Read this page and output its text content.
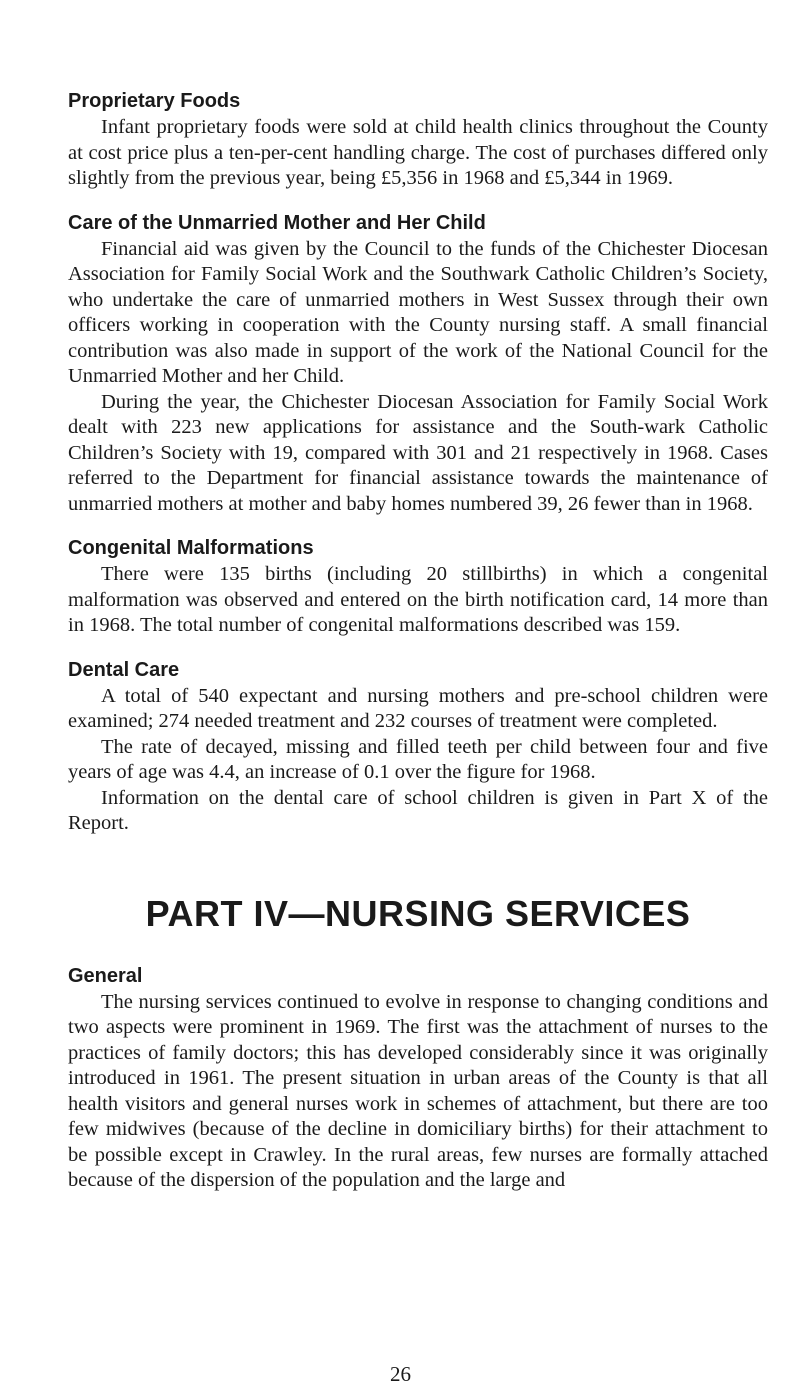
Proprietary Foods

Infant proprietary foods were sold at child health clinics throughout the County at cost price plus a ten-per-cent handling charge. The cost of purchases differed only slightly from the previous year, being £5,356 in 1968 and £5,344 in 1969.

Care of the Unmarried Mother and Her Child

Financial aid was given by the Council to the funds of the Chichester Diocesan Association for Family Social Work and the Southwark Catholic Children’s Society, who undertake the care of unmarried mothers in West Sussex through their own officers working in cooperation with the County nursing staff. A small financial contribution was also made in support of the work of the National Council for the Unmarried Mother and her Child.

During the year, the Chichester Diocesan Association for Family Social Work dealt with 223 new applications for assistance and the South-wark Catholic Children’s Society with 19, compared with 301 and 21 respectively in 1968. Cases referred to the Department for financial assistance towards the maintenance of unmarried mothers at mother and baby homes numbered 39, 26 fewer than in 1968.

Congenital Malformations

There were 135 births (including 20 stillbirths) in which a congenital malformation was observed and entered on the birth notification card, 14 more than in 1968. The total number of congenital malformations described was 159.

Dental Care

A total of 540 expectant and nursing mothers and pre-school children were examined; 274 needed treatment and 232 courses of treatment were completed.

The rate of decayed, missing and filled teeth per child between four and five years of age was 4.4, an increase of 0.1 over the figure for 1968.

Information on the dental care of school children is given in Part X of the Report.

PART IV—NURSING SERVICES
General

The nursing services continued to evolve in response to changing conditions and two aspects were prominent in 1969. The first was the attachment of nurses to the practices of family doctors; this has developed considerably since it was originally introduced in 1961. The present situation in urban areas of the County is that all health visitors and general nurses work in schemes of attachment, but there are too few midwives (because of the decline in domiciliary births) for their attachment to be possible except in Crawley. In the rural areas, few nurses are formally attached because of the dispersion of the population and the large and

26
